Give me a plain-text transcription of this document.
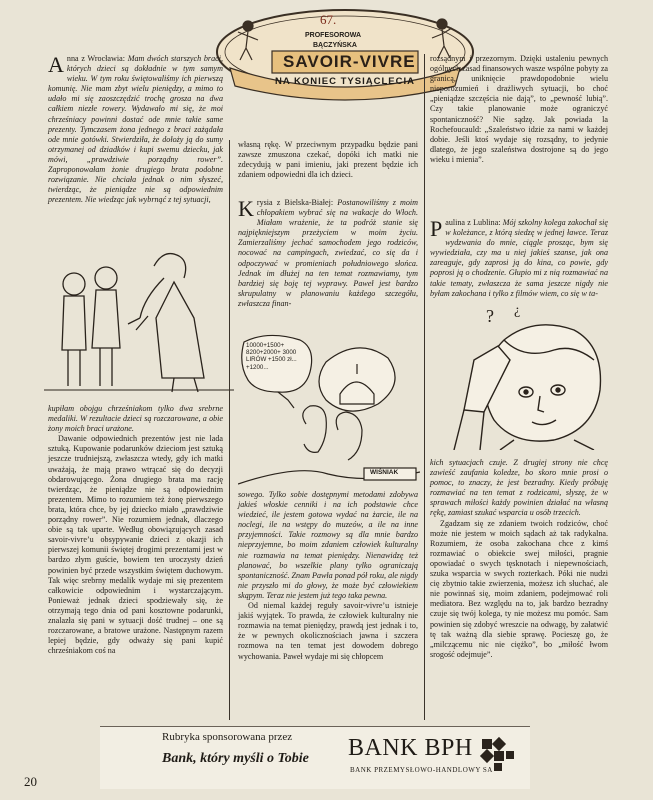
67.
PROFESOROWA
BĄCZYŃSKA
SAVOIR-VIVRE
NA KONIEC TYSIĄCLECIA

Anna z Wrocławia: Mam dwóch starszych braci, których dzieci są dokładnie w tym samym wieku. W tym roku świętowaliśmy ich pierwszą komunię. Nie mam zbyt wielu pieniędzy, a mimo to udało mi się zaoszczędzić trochę grosza na dwa całkiem niezłe rowery. Wydawało mi się, że moi chrześniacy powinni dostać ode mnie takie same prezenty. Tymczasem żona jednego z braci zażądała ode mnie gotówki. Stwierdziła, że dołoży ją do sumy otrzymanej od dziadków i kupi swemu dziecku, jak mówi, „prawdziwie porządny rower”. Zaproponowałam żonie drugiego brata podobne rozwiązanie. Nie chciała jednak o nim słyszeć, twierdząc, że pieniądze nie są odpowiednim prezentem. Nie wiedząc jak wybrnąć z tej sytuacji,

kupiłam obojgu chrześniakom tylko dwa srebrne medaliki. W rezultacie dzieci są rozczarowane, a obie żony moich braci urażone.

Dawanie odpowiednich prezentów jest nie lada sztuką. Kupowanie podarunków dzieciom jest sztuką jeszcze trudniejszą, zwłaszcza wtedy, gdy ich matki uważają, że mają prawo wtrącać się do decyzji obdarowującego. Żona drugiego brata ma rację twierdząc, że pieniądze nie są odpowiednim prezentem. Mimo to rozumiem też żonę pierwszego brata, która chce, by jej dziecko miało „prawdziwie porządny rower”. Nie rozumiem jednak, dlaczego obie są tak uparte. Według obowiązujących zasad savoir-vivre’u obsypywanie dzieci z okazji ich pierwszej komunii świętej drogimi prezentami jest w bardzo złym guście, bowiem ten uroczysty dzień powinien być przede wszystkim świętem duchowym. Tak więc srebrny medalik wydaje mi się prezentem całkowicie odpowiednim i wystarczającym. Ponieważ jednak dzieci spodziewały się, że otrzymają tego dnia od pani kosztowne podarunki, znalazła się pani w sytuacji dość trudnej – one są rozczarowane, a bratowe urażone. Następnym razem lepiej będzie, gdy odważy się pani kupić chrześniakom coś na

własną rękę. W przeciwnym przypadku będzie pani zawsze zmuszona czekać, dopóki ich matki nie zdecydują w pani imieniu, jaki prezent będzie ich zdaniem odpowiedni dla ich dzieci.

Krysia z Bielska-Białej: Postanowiliśmy z moim chłopakiem wybrać się na wakacje do Włoch. Miałam wrażenie, że ta podróż stanie się najpiękniejszym przeżyciem w moim życiu. Zamierzaliśmy jechać samochodem jego rodziców, nocować na campingach, zwiedzać, co się da i odpoczywać w promieniach południowego słońca. Jednak im dłużej na ten temat rozmawiamy, tym bardziej się boję tej wyprawy. Paweł jest bardzo skrupulatny w planowaniu każdego szczegółu, zwłaszcza finan-

10000+1500+ 8200+2000+ 3000 LIRÓW +1500 zł... +1200...
WIŚNIAK

sowego. Tylko sobie dostępnymi metodami zdobywa jakieś włoskie cenniki i na ich podstawie chce wiedzieć, ile jestem gotowa wydać na żarcie, ile na noclegi, ile na wstępy do muzeów, a ile na inne przyjemności. Takie rozmowy są dla mnie bardzo nieprzyjemne, bo moim zdaniem człowiek kulturalny nie rozmawia na temat pieniędzy. Nienawidzę też planować, bo wszelkie plany tylko ograniczają spontaniczność. Znam Pawła ponad pół roku, ale nigdy nie przyszło mi do głowy, że może być człowiekiem skąpym. Teraz nie jestem już tego taka pewna.

Od niemal każdej reguły savoir-vivre’u istnieje jakiś wyjątek. To prawda, że człowiek kulturalny nie rozmawia na temat pieniędzy, prawdą jest jednak i to, że w pewnych okolicznościach jawna i szczera rozmowa na ten temat jest dowodem dobrego wychowania. Paweł wydaje mi się chłopcem

rozsądnym i przezornym. Dzięki ustaleniu pewnych ogólnych zasad finansowych wasze wspólne pobyty za granicą, uniknięcie prawdopodobnie wielu nieporozumień i drażliwych sytuacji, bo choć „pieniądze szczęścia nie dają”, to „pewność lubią”. Czy takie planowanie może ograniczyć spontaniczność? Nie sądzę. Jak powiada la Rochefoucauld: „Szaleństwo idzie za nami w każdej dobie. Jeśli ktoś wydaje się rozsądny, to jedynie dlatego, że jego szaleństwa dostrojone są do jego wieku i mienia”.

Paulina z Lublina: Mój szkolny kolega zakochał się w koleżance, z którą siedzę w jednej ławce. Teraz wydzwania do mnie, ciągle prosząc, bym się wywiedziała, czy ma u niej jakieś szanse, jak ona zareaguje, gdy zaprosi ją do kina, co powie, gdy poprosi ją o chodzenie. Głupio mi z nią rozmawiać na takie tematy, zwłaszcza że sama jeszcze nigdy nie byłam zakochana i tylko z filmów wiem, co się w ta-

? ¿

kich sytuacjach czuje. Z drugiej strony nie chcę zawieść zaufania koledze, bo skoro mnie prosi o pomoc, to znaczy, że jest bezradny. Kiedy próbuję rozmawiać na ten temat z rodzicami, słyszę, że w sprawach miłości każdy powinien działać na własną rękę, zamiast szukać wsparcia u osób trzecich.

Zgadzam się ze zdaniem twoich rodziców, choć może nie jestem w moich sądach aż tak radykalna. Rozumiem, że osoba zakochana chce z kimś rozmawiać o obiekcie swej miłości, pragnie opowiadać o swych tęsknotach i niepewnościach, szuka wsparcia w swych rozterkach. Póki nie nudzi cię zbytnio takie zwierzenia, możesz ich słuchać, ale nie powinnaś się, moim zdaniem, podejmować roli mediatora. Bez względu na to, jak bardzo bezradny czuje się twój kolega, ty nie możesz mu pomóc. Sam powinien się zdobyć wreszcie na odwagę, by załatwić tę tak ważną dla siebie sprawę. Pocieszę go, że „milczącemu nic nie ciężko”, bo „miłość łwom srogość odejmuje”.

Rubryka sponsorowana przez
Bank, który myśli o Tobie BANK BPH
BANK PRZEMYSŁOWO-HANDLOWY SA
20
